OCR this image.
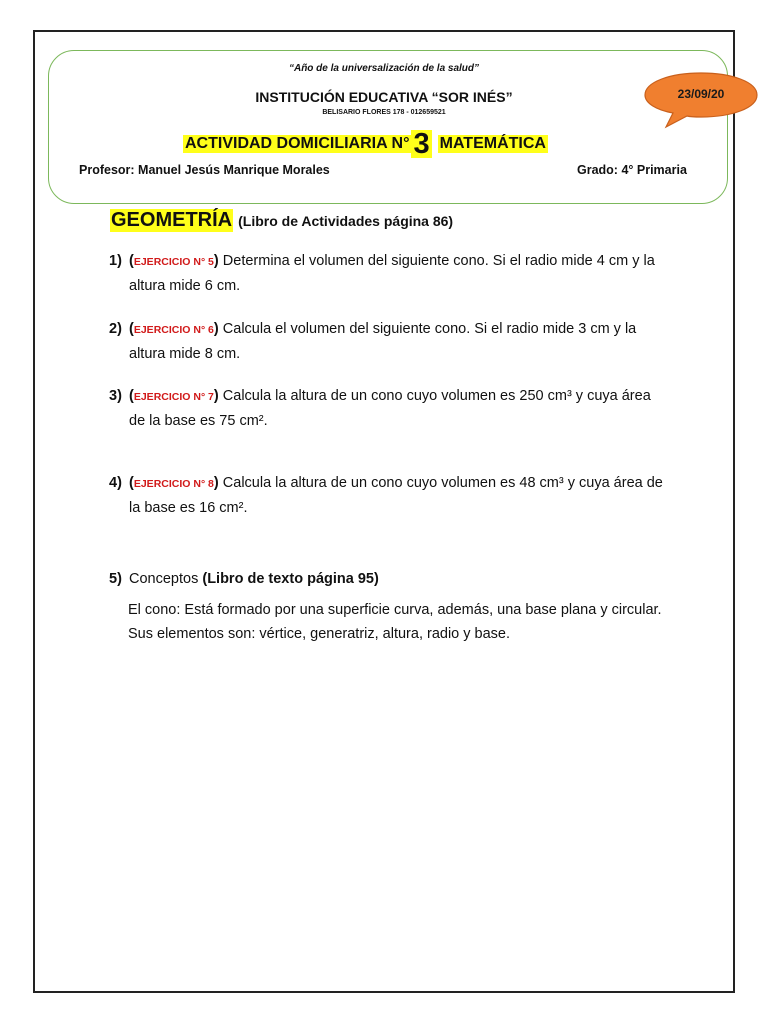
“Año de la universalización de la salud”
INSTITUCIÓN EDUCATIVA “SOR INÉS”
BELISARIO FLORES 178 - 012659521
ACTIVIDAD DOMICILIARIA N° 3 MATEMÁTICA
Profesor: Manuel Jesús Manrique Morales	Grado: 4° Primaria
23/09/20
GEOMETRÍA (Libro de Actividades página 86)
1) (EJERCICIO N° 5) Determina el volumen del siguiente cono. Si el radio mide 4 cm y la altura mide 6 cm.
2) (EJERCICIO N° 6) Calcula el volumen del siguiente cono. Si el radio mide 3 cm y la altura mide 8 cm.
3) (EJERCICIO N° 7) Calcula la altura de un cono cuyo volumen es 250 cm³ y cuya área de la base es 75 cm².
4) (EJERCICIO N° 8) Calcula la altura de un cono cuyo volumen es 48 cm³ y cuya área de la base es 16 cm².
5) Conceptos (Libro de texto página 95)
El cono: Está formado por una superficie curva, además, una base plana y circular.
Sus elementos son: vértice, generatriz, altura, radio y base.
